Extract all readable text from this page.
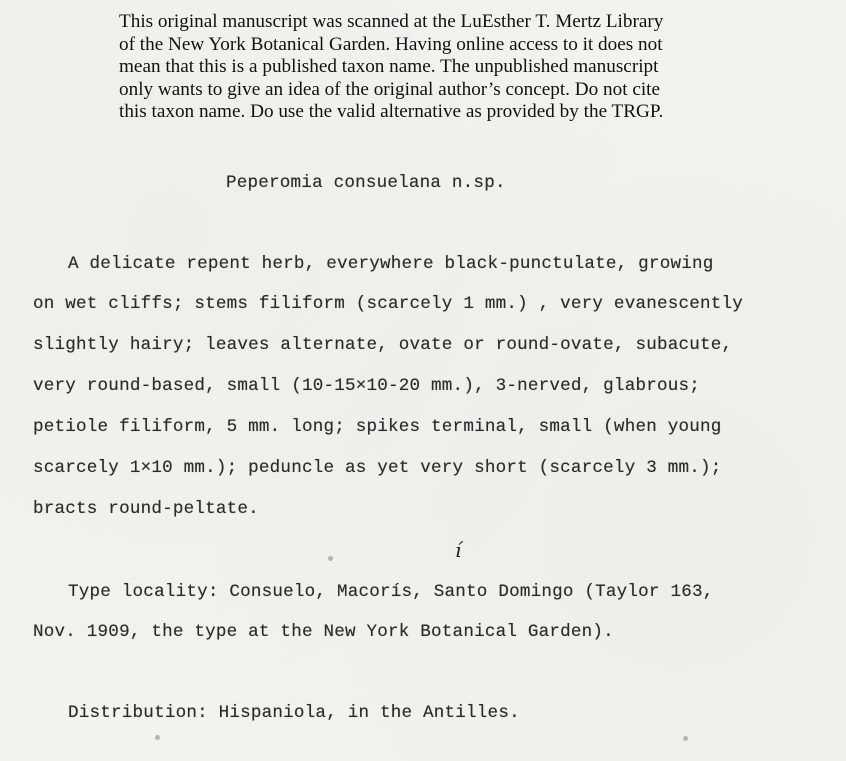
This original manuscript was scanned at the LuEsther T. Mertz Library
of the New York Botanical Garden. Having online access to it does not
mean that this is a published taxon name. The unpublished manuscript
only wants to give an idea of the original author’s concept. Do not cite
this taxon name. Do use the valid alternative as provided by the TRGP.
Peperomia consuelana n.sp.
A delicate repent herb, everywhere black-punctulate, growing
on wet cliffs; stems filiform (scarcely 1 mm.) , very evanescently
slightly hairy; leaves alternate, ovate or round-ovate, subacute,
very round-based, small (10-15×10-20 mm.), 3-nerved, glabrous;
petiole filiform, 5 mm. long; spikes terminal, small (when young
scarcely 1×10 mm.); peduncle as yet very short (scarcely 3 mm.);
bracts round-peltate.
í
Type locality: Consuelo, Macorís, Santo Domingo (Taylor 163,
Nov. 1909, the type at the New York Botanical Garden).
Distribution: Hispaniola, in the Antilles.
